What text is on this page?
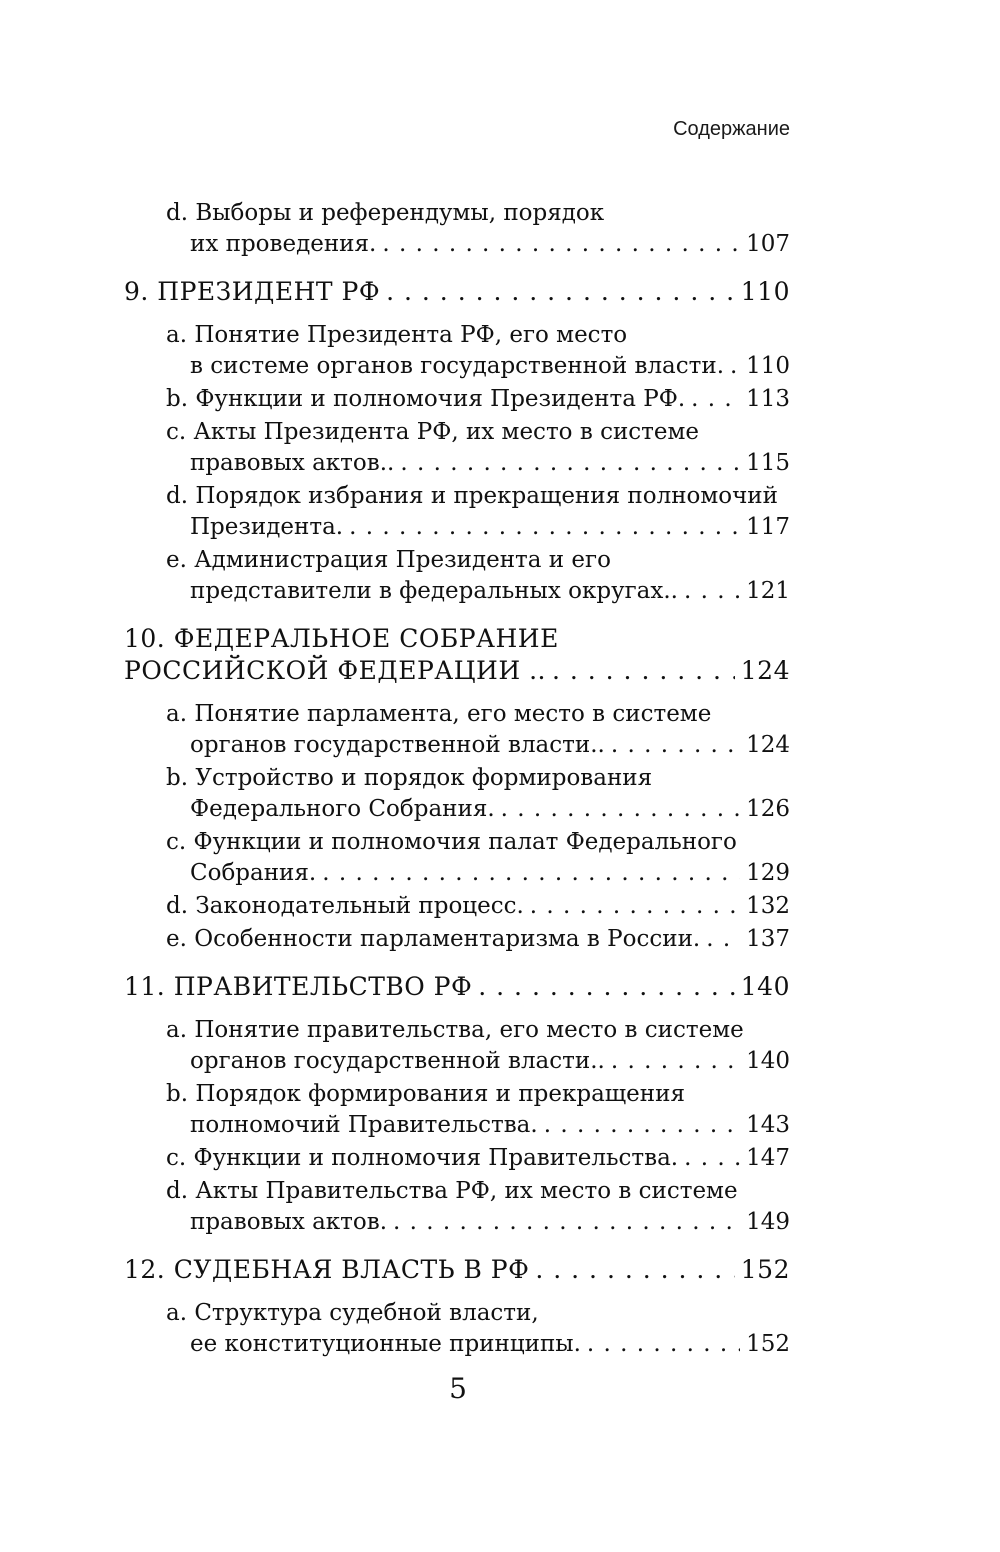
Содержание
d. Выборы и референдумы, порядок
их проведения. . . .	107
9. ПРЕЗИДЕНТ РФ . . .	110
а. Понятие Президента РФ, его место
в системе органов государственной власти. . . . 110
b. Функции и полномочия Президента РФ. . . .	113
с. Акты Президента РФ, их место в системе
правовых актов.. . . .	115
d. Порядок избрания и прекращения полномочий
Президента. . . .	117
е. Администрация Президента и его
представители в федеральных округах.. . . .	121
10. ФЕДЕРАЛЬНОЕ СОБРАНИЕ
РОССИЙСКОЙ ФЕДЕРАЦИИ .. . . .	124
а. Понятие парламента, его место в системе
органов государственной власти.. . . .	124
b. Устройство и порядок формирования
Федерального Собрания. . . .	126
с. Функции и полномочия палат Федерального
Собрания. . . .	129
d. Законодательный процесс. . . .	132
е. Особенности парламентаризма в России. . . . 137
11. ПРАВИТЕЛЬСТВО РФ . . .	140
а. Понятие правительства, его место в системе
органов государственной власти.. . . .	140
b. Порядок формирования и прекращения
полномочий Правительства. . . .	143
с. Функции и полномочия Правительства. . . .	147
d. Акты Правительства РФ, их место в системе
правовых актов. . . .	149
12. СУДЕБНАЯ ВЛАСТЬ В РФ . . .	152
а. Структура судебной власти,
ее конституционные принципы. . . .	152
5
